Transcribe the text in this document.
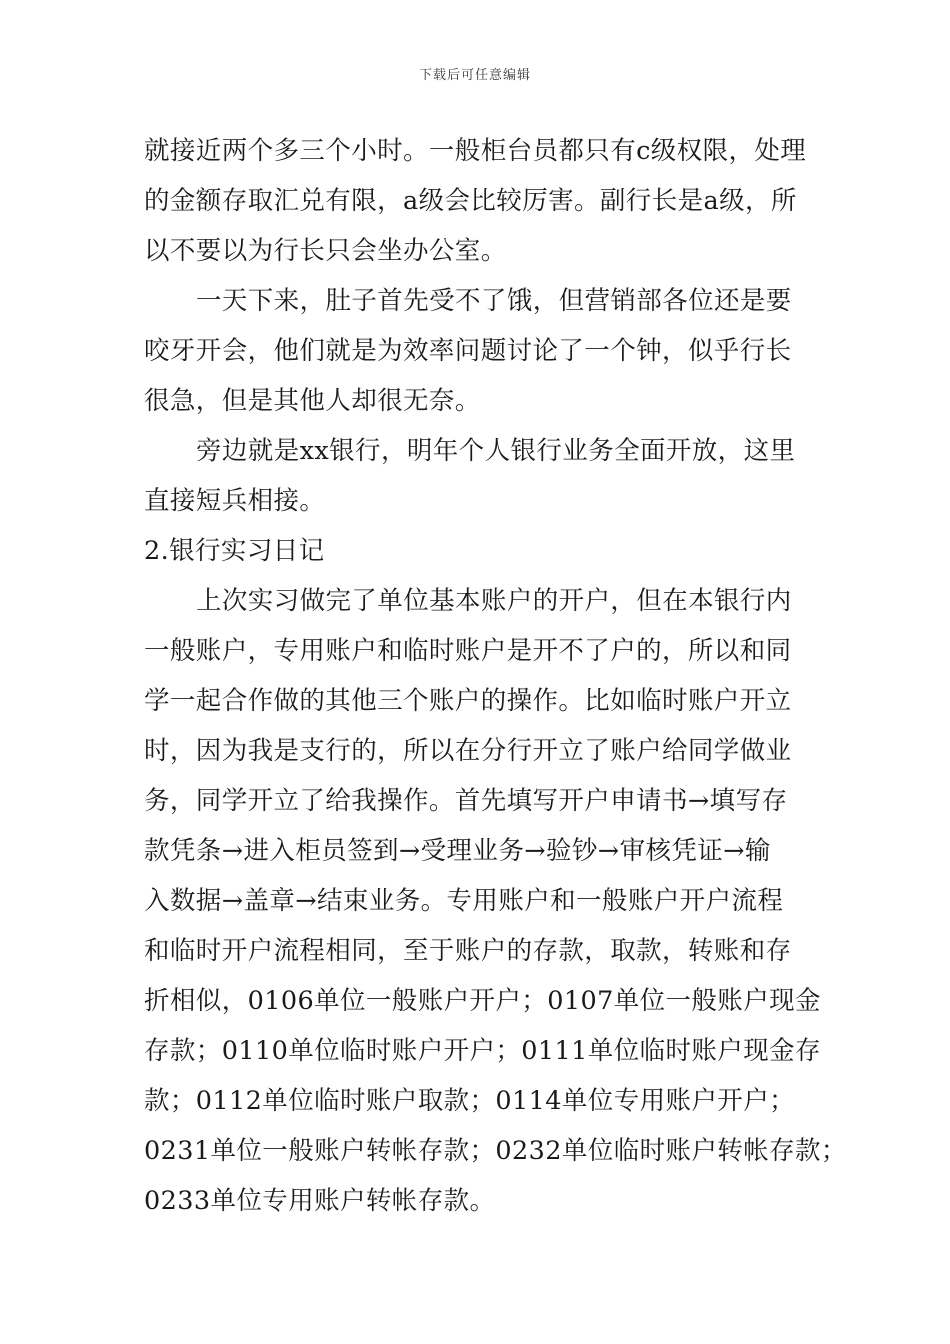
下载后可任意编辑
就接近两个多三个小时。一般柜台员都只有c级权限，处理
的金额存取汇兑有限，a级会比较厉害。副行长是a级，所
以不要以为行长只会坐办公室。
一天下来，肚子首先受不了饿，但营销部各位还是要
咬牙开会，他们就是为效率问题讨论了一个钟，似乎行长
很急，但是其他人却很无奈。
旁边就是xx银行，明年个人银行业务全面开放，这里
直接短兵相接。
2.银行实习日记
上次实习做完了单位基本账户的开户，但在本银行内
一般账户，专用账户和临时账户是开不了户的，所以和同
学一起合作做的其他三个账户的操作。比如临时账户开立
时，因为我是支行的，所以在分行开立了账户给同学做业
务，同学开立了给我操作。首先填写开户申请书→填写存
款凭条→进入柜员签到→受理业务→验钞→审核凭证→输
入数据→盖章→结束业务。专用账户和一般账户开户流程
和临时开户流程相同，至于账户的存款，取款，转账和存
折相似，0106单位一般账户开户；0107单位一般账户现金
存款；0110单位临时账户开户；0111单位临时账户现金存
款；0112单位临时账户取款；0114单位专用账户开户；
0231单位一般账户转帐存款；0232单位临时账户转帐存款；
0233单位专用账户转帐存款。
